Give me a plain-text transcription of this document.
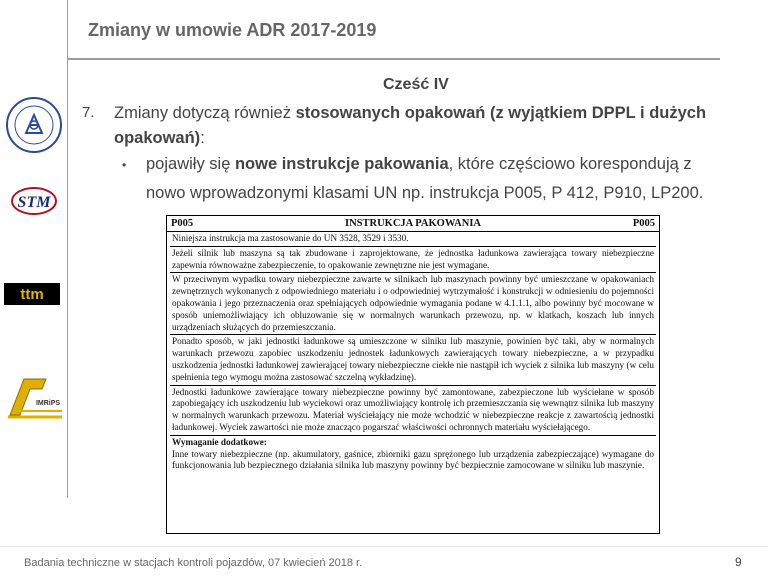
Zmiany w umowie ADR 2017-2019
Cześć IV
7. Zmiany dotyczą również stosowanych opakowań (z wyjątkiem DPPL i dużych opakowań):
• pojawiły się nowe instrukcje pakowania, które częściowo korespondują z nowo wprowadzonymi klasami UN np. instrukcja P005, P 412, P910, LP200.
STM
ttm
IMRiPS
P005	INSTRUKCJA PAKOWANIA	P005
Niniejsza instrukcja ma zastosowanie do UN 3528, 3529 i 3530.
Jeżeli silnik lub maszyna są tak zbudowane i zaprojektowane, że jednostka ładunkowa zawierająca towary niebezpieczne zapewnia równoważne zabezpieczenie, to opakowanie zewnętrzne nie jest wymagane.
W przeciwnym wypadku towary niebezpieczne zawarte w silnikach lub maszynach powinny być umieszczane w opakowaniach zewnętrznych wykonanych z odpowiedniego materiału i o odpowiedniej wytrzymałość i konstrukcji w odniesieniu do pojemności opakowania i jego przeznaczenia oraz spełniających odpowiednie wymagania podane w 4.1.1.1, albo powinny być mocowane w sposób uniemożliwiający ich obluzowanie się w normalnych warunkach przewozu, np. w klatkach, koszach lub innych urządzeniach służących do przemieszczania.
Ponadto sposób, w jaki jednostki ładunkowe są umieszczone w silniku lub maszynie, powinien być taki, aby w normalnych warunkach przewozu zapobiec uszkodzeniu jednostek ładunkowych zawierających towary niebezpieczne, a w przypadku uszkodzenia jednostki ładunkowej zawierającej towary niebezpieczne ciekłe nie nastąpił ich wyciek z silnika lub maszyny (w celu spełnienia tego wymogu można zastosować szczelną wykładzinę).
Jednostki ładunkowe zawierające towary niebezpieczne powinny być zamontowane, zabezpieczone lub wyściełane w sposób zapobiegający ich uszkodzeniu lub wyciekowi oraz umożliwiający kontrolę ich przemieszczania się wewnątrz silnika lub maszyny w normalnych warunkach przewozu. Materiał wyściełający nie może wchodzić w niebezpieczne reakcje z zawartością jednostki ładunkowej. Wyciek zawartości nie może znacząco pogarszać właściwości ochronnych materiału wyściełającego.
Wymaganie dodatkowe:
Inne towary niebezpieczne (np. akumulatory, gaśnice, zbiorniki gazu sprężonego lub urządzenia zabezpieczające) wymagane do funkcjonowania lub bezpiecznego działania silnika lub maszyny powinny być bezpiecznie zamocowane w silniku lub maszynie.
Badania techniczne w stacjach kontroli pojazdów, 07 kwiecień 2018 r.	9
